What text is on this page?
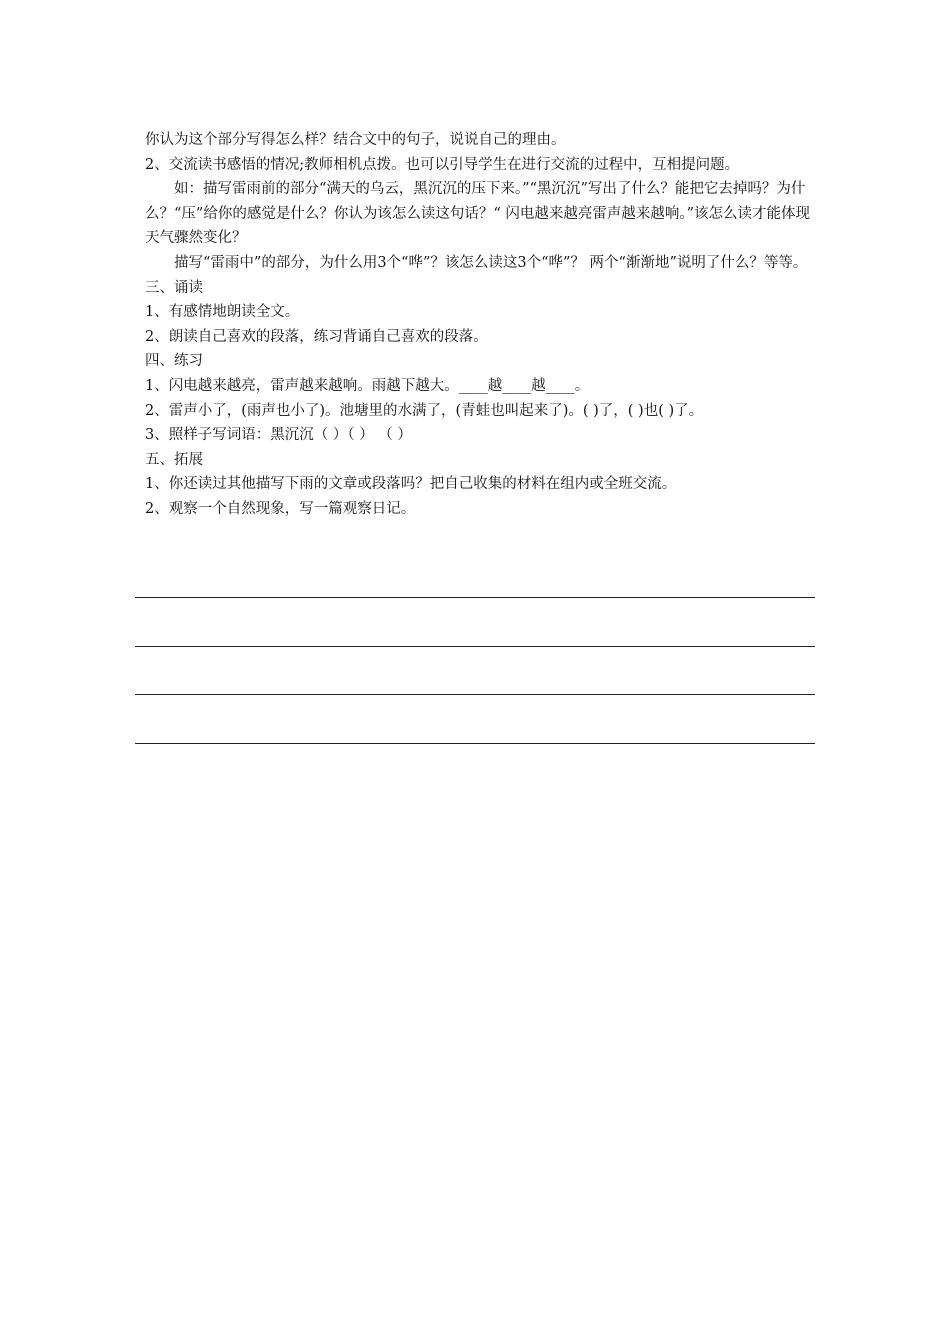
你认为这个部分写得怎么样？结合文中的句子，说说自己的理由。

2、交流读书感悟的情况;教师相机点拨。也可以引导学生在进行交流的过程中，互相提问题。

如：描写雷雨前的部分“满天的乌云，黑沉沉的压下来。”“黑沉沉”写出了什么？能把它去掉吗？为什么？“压”给你的感觉是什么？你认为该怎么读这句话？“ 闪电越来越亮雷声越来越响。”该怎么读才能体现天气骤然变化？

描写“雷雨中”的部分，为什么用3个“哗”？该怎么读这3个“哗”？ 两个“渐渐地”说明了什么？等等。

三、诵读

1、有感情地朗读全文。

2、朗读自己喜欢的段落，练习背诵自己喜欢的段落。

四、练习

1、闪电越来越亮，雷声越来越响。雨越下越大。____越____越____。

2、雷声小了，(雨声也小了)。池塘里的水满了，(青蛙也叫起来了)。( )了，( )也( )了。

3、照样子写词语：黑沉沉（ ）（ ） （ ）

五、拓展

1、你还读过其他描写下雨的文章或段落吗？把自己收集的材料在组内或全班交流。

2、观察一个自然现象，写一篇观察日记。
